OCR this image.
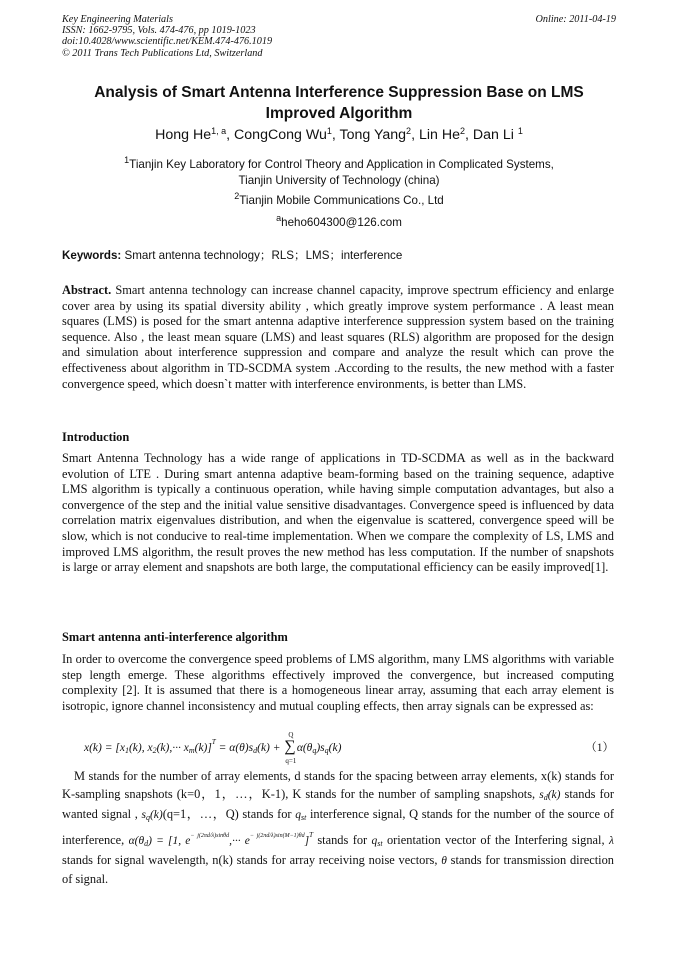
Key Engineering Materials
ISSN: 1662-9795, Vols. 474-476, pp 1019-1023
doi:10.4028/www.scientific.net/KEM.474-476.1019
© 2011 Trans Tech Publications Ltd, Switzerland
Online: 2011-04-19
Analysis of Smart Antenna Interference Suppression Base on LMS
Improved Algorithm
Hong He$^{1, a}$, CongCong Wu$^1$, Tong Yang$^2$, Lin He$^2$, Dan Li $^1$
$^1$Tianjin Key Laboratory for Control Theory and Application in Complicated Systems,
Tianjin University of Technology (china)
$^2$Tianjin Mobile Communications Co., Ltd
$^a$heho604300@126.com
Keywords: Smart antenna technology；RLS；LMS；interference
Abstract. Smart antenna technology can increase channel capacity, improve spectrum efficiency and enlarge cover area by using its spatial diversity ability , which greatly improve system performance . A least mean squares (LMS) is posed for the smart antenna adaptive interference suppression system based on the training sequence. Also , the least mean square (LMS) and least squares (RLS) algorithm are proposed for the design and simulation about interference suppression and compare and analyze the result which can prove the effectiveness about algorithm in TD-SCDMA system .According to the results, the new method with a faster convergence speed, which doesn`t matter with interference environments, is better than LMS.
Introduction
Smart Antenna Technology has a wide range of applications in TD-SCDMA as well as in the backward evolution of LTE . During smart antenna adaptive beam-forming based on the training sequence, adaptive LMS algorithm is typically a continuous operation, while having simple computation advantages, but also a convergence of the step and the initial value sensitive disadvantages. Convergence speed is influenced by data correlation matrix eigenvalues distribution, and when the eigenvalue is scattered, convergence speed will be slow, which is not conducive to real-time implementation. When we compare the complexity of LS, LMS and improved LMS algorithm, the result proves the new method has less computation. If the number of snapshots is large or array element and snapshots are both large, the computational efficiency can be easily improved[1].
Smart antenna anti-interference algorithm
In order to overcome the convergence speed problems of LMS algorithm, many LMS algorithms with variable step length emerge. These algorithms effectively improved the convergence, but increased computing complexity [2]. It is assumed that there is a homogeneous linear array, assuming that each array element is isotropic, ignore channel inconsistency and mutual coupling effects, then array signals can be expressed as:
x(k) = [x1(k), x2(k),··· xm(k)]$^T$ = α(θ)sd(k) +
Q
∑
q=1
α(θq)sq(k)	（1）
M stands for the number of array elements, d stands for the spacing between array elements, x(k) stands for K-sampling snapshots (k=0，1，…，K-1), K stands for the number of sampling snapshots, sd(k) stands for wanted signal , sq(k)(q=1，…，Q) stands for qst interference signal, Q stands for the number of the source of interference, α(θd) = [1, $e^{- j(2\pi d/\lambda)sin\theta d},\cdot\cdot\cdot e^{- j(2\pi d/\lambda)sin(M-1)\theta d}]^T$ stands for qst orientation vector of the Interfering signal, λ stands for signal wavelength, n(k) stands for array receiving noise vectors, θ stands for transmission direction of signal.
